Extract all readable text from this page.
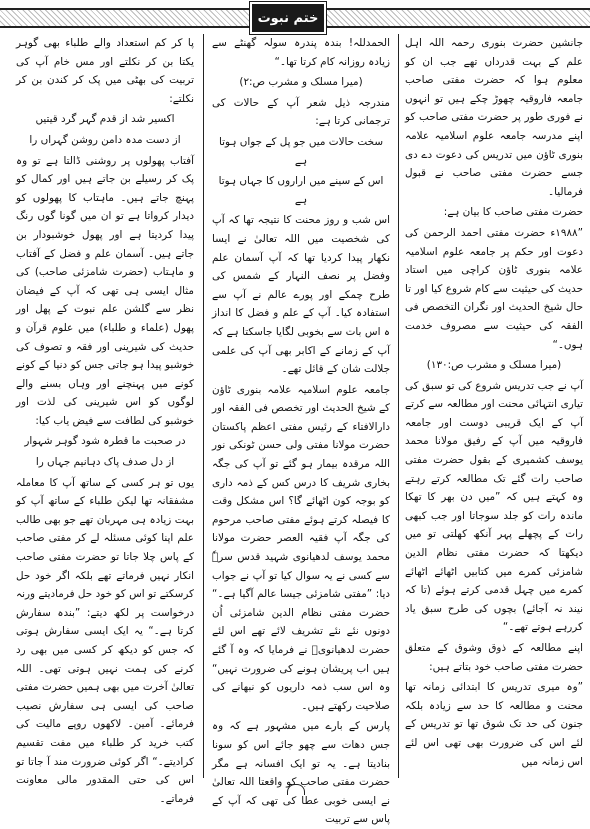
ختم نبوت

جانشین حضرت بنوری رحمہ اللہ اہل علم کے بہت قدرداں تھے جب ان کو معلوم ہوا کہ حضرت مفتی صاحب جامعہ فاروقیہ چھوڑ چکے ہیں تو انہوں نے فوری طور پر حضرت مفتی صاحب کو اپنے مدرسہ جامعہ علوم اسلامیہ علامہ بنوری ٹاؤن میں تدریس کی دعوت دے دی جسے حضرت مفتی صاحب نے قبول فرمالیا۔

حضرت مفتی صاحب کا بیان ہے:

”۱۹۸۸ء حضرت مفتی احمد الرحمن کی دعوت اور حکم پر جامعہ علوم اسلامیہ علامہ بنوری ٹاؤن کراچی میں استاد حدیث کی حیثیت سے کام شروع کیا اور تا حال شیخ الحدیث اور نگران التخصص فی الفقہ کی حیثیت سے مصروف خدمت ہوں۔“

(میرا مسلک و مشرب ص:۱۳۰)

آپ نے جب تدریس شروع کی تو سبق کی تیاری انتہائی محنت اور مطالعہ سے کرتے آپ کے ایک قریبی دوست اور جامعہ فاروقیہ میں آپ کے رفیق مولانا محمد یوسف کشمیری کے بقول حضرت مفتی صاحب رات گئے تک مطالعہ کرتے رہتے وہ کہتے ہیں کہ ”میں دن بھر کا تھکا ماندہ رات کو جلد سوجاتا اور جب کبھی رات کے پچھلے پہر آنکھ کھلتی تو میں دیکھتا کہ حضرت مفتی نظام الدین شامزئی کمرے میں کتابیں اٹھائے اٹھائے کمرے میں چہل قدمی کرتے ہوئے (تا کہ نیند نہ آجائے) بچوں کی طرح سبق یاد کررہے ہوتے تھے۔“

اپنے مطالعہ کے ذوق وشوق کے متعلق حضرت مفتی صاحب خود بتاتے ہیں:

”وہ میری تدریس کا ابتدائی زمانہ تھا محنت و مطالعہ کا حد سے زیادہ بلکہ جنون کی حد تک شوق تھا تو تدریس کے لئے اس کی ضرورت بھی تھی اس لئے اس زمانہ میں

الحمدللہ! بندہ پندرہ سولہ گھنٹے سے زیادہ روزانہ کام کرتا تھا۔“

(میرا مسلک و مشرب ص:۲)

مندرجہ ذیل شعر آپ کے حالات کی ترجمانی کرتا ہے:

سخت حالات میں جو پل کے جواں ہوتا ہے

اس کے سینے میں اراروں کا جہاں ہوتا ہے

اس شب و روز محنت کا نتیجہ تھا کہ آپ کی شخصیت میں اللہ تعالیٰ نے ایسا نکھار پیدا کردیا تھا کہ آپ آسمان علم وفضل پر نصف النہار کے شمس کی طرح چمکے اور پورے عالم نے آپ سے استفادہ کیا۔ آپ کے علم و فضل کا انداز ہ اس بات سے بخوبی لگایا جاسکتا ہے کہ آپ کے زمانے کے اکابر بھی آپ کی علمی جلالت شان کے قائل تھے۔

جامعہ علوم اسلامیہ علامہ بنوری ٹاؤن کے شیخ الحدیث اور تخصص فی الفقہ اور دارالافتاء کے رئیس مفتی اعظم پاکستان حضرت مولانا مفتی ولی حسن ٹونکی نور اللہ مرقدہ بیمار ہو گئے تو آپ کی جگہ بخاری شریف کا درس کس کے ذمہ داری کو بوجہ کون اٹھائے گا؟ اس مشکل وقت کا فیصلہ کرتے ہوئے مفتی صاحب مرحوم کی جگہ آپ فقیہ العصر حضرت مولانا محمد یوسف لدھیانوی شہید قدس سرہٗ سے کسی نے یہ سوال کیا تو آپ نے جواب دیا: ”مفتی شامزئی جیسا عالم آگیا ہے۔“ حضرت مفتی نظام الدین شامزئی اُن دونوں نئے نئے تشریف لائے تھے اس لئے حضرت لدھیانویؒ نے فرمایا کہ وہ آ گئے ہیں اب پریشان ہونے کی ضرورت نہیں“ وہ اس سب ذمہ داریوں کو نبھانے کی صلاحیت رکھتے ہیں۔

پارس کے بارے میں مشہور ہے کہ وہ جس دھات سے چھو جائے اس کو سونا بنادیتا ہے۔ یہ تو ایک افسانہ ہے مگر حضرت مفتی صاحب کو واقعتا اللہ تعالیٰ نے ایسی خوبی عطا کی تھی کہ آپ کے پاس سے تربیت

پا کر کم استعداد والے طلباء بھی گوہر یکتا بن کر نکلتے اور مس خام آپ کی تربیت کی بھٹی میں پک کر کندن بن کر نکلتے:

اکسیر شد از قدم گہر گرد قیتیں

از دست مدہ دامن روشن گہراں را

آفتاب پھولوں پر روشنی ڈالتا ہے تو وہ پک کر رسیلے بن جاتے ہیں اور کمال کو پہنچ جاتے ہیں۔ ماہتاب کا پھولوں کو دیدار کرواتا ہے تو ان میں گونا گوں رنگ پیدا کردیتا ہے اور پھول خوشبودار بن جاتے ہیں۔ آسمان علم و فضل کے آفتاب و ماہتاب (حضرت شامزئی صاحب) کی مثال ایسی ہی تھی کہ آپ کے فیضان نظر سے گلشن علم نبوت کے پھل اور پھول (علماء و طلباء) میں علوم قرآن و حدیث کی شیرینی اور فقہ و تصوف کی خوشبو پیدا ہو جاتی جس کو دنیا کے کونے کونے میں پہنچنے اور وہاں بسنے والے لوگوں کو اس شیرینی کی لذت اور خوشبو کی لطافت سے فیض یاب کیا:

در صحبت ما قطرہ شود گوہر شہوار

از دل صدف پاک دہانیم جہاں را

یوں تو ہر کسی کے ساتھ آپ کا معاملہ مشفقانہ تھا لیکن طلباء کے ساتھ آپ کو بہت زیادہ ہی مہربان تھے جو بھی طالب علم اپنا کوئی مسئلہ لے کر مفتی صاحب کے پاس چلا جاتا تو حضرت مفتی صاحب انکار نہیں فرماتے تھے بلکہ اگر خود حل کرسکتے تو اس کو خود حل فرمادیتے ورنہ درخواست پر لکھ دیتے: ”بندہ سفارش کرتا ہے۔“ یہ ایک ایسی سفارش ہوتی کہ جس کو دیکھ کر کسی میں بھی رد کرنے کی ہمت نہیں ہوتی تھی۔ اللہ تعالیٰ آخرت میں بھی ہمیں حضرت مفتی صاحب کی ایسی ہی سفارش نصیب فرمائے۔ آمین۔ لاکھوں روپے مالیت کی کتب خرید کر طلباء میں مفت تقسیم کرادیتے۔“ اگر کوئی ضرورت مند آ جاتا تو اس کی حتی المقدور مالی معاونت فرماتے۔
